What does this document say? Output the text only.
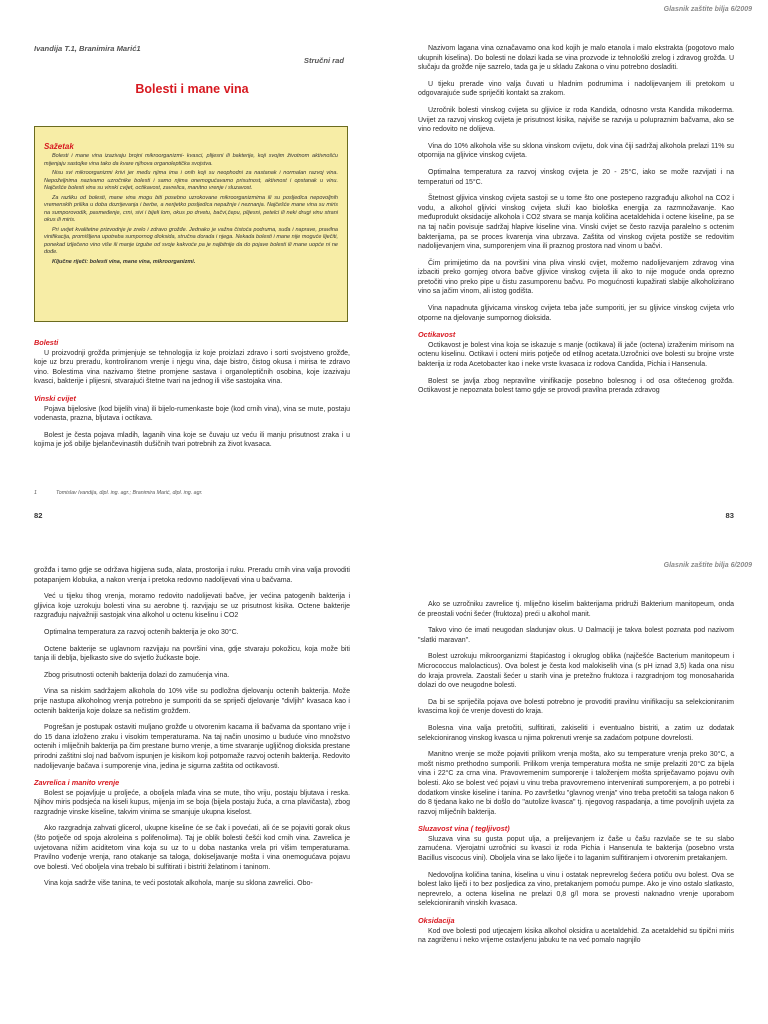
Ivandija T.1, Branimira Marić1
Stručni rad
Bolesti i mane vina
Sažetak

Bolesti i mane vina izazivaju brojni mikroorganizmi- kvasci, plijesni ili bakterije, koji svojim životnom aktivnošću mijenjaju sastojke vina tako da kvare njihova organoleptička svojstva.

Nisu svi mikroorganizmi krivi jer među njima ima i onih koji su neophodni za nastanak i normalan razvoj vina. Nepoželjnima nazivamo uzročnike bolesti i samo njima onemogućavamo prisutnost, aktivnost i opstanak u vinu. Najčešće bolesti vina su vinski cvijet, octikavost, zavrelica, manitno vrenje i sluzavost.

Za razliku od bolesti, mane vina mogu biti posebno uzrokovane mikroorganizmima ili su posljedica nepovoljnih vremenskih prilika u doba dozrijevanja i berbe, a nerijetko posljedica nepažnje i neznanja. Najčešće mane vina su miris na sumporovodik, pasmeđenje, crni, sivi i bijeli lom, okus po drvetu, bačvi,čepu, plijesni, petelci ili neki drugi vinu strani okus ili miris.

Pri uvijet kvalitetne prizvodnje je zrelo i zdravo grožđe. Jednako je važna čistoća podruma, suđa i naprave, pravilna vinifikacija, promišljena upotreba sumpornog dioksida, stručna dorada i njega. Nekada bolesti i mane nije moguće liječiti, ponekad izlječeno vino više ili manje izgube od svoje kakvoće pa je najbitnije da do pojave bolesti ili mane uopće ni ne dođe.

Ključne riječi: bolesti vina, mane vina, mikroorganizmi.

Bolesti

U proizvodnji grožđa primjenjuje se tehnologija iz koje proizlazi zdravo i sorti svojstveno grožđe, koje uz brzu preradu, kontroliranom vrenje i njegu vina, daje bistro, čistog okusa i mirisa te zdravo vino. Bolestima vina nazivamo štetne promjene sastava i organoleptičnih osobina, koje izazivaju kvasci, bakterije i plijesni, stvarajući štetne tvari na jednog ili više sastojaka vina.

Vinski cvijet

Pojava bijelosive (kod bijelih vina) ili bijelo-rumenkaste boje (kod crnih vina), vina se mute, postaju vodenasta, prazna, bljutava i octikava.

Bolest je česta pojava mladih, laganih vina koje se čuvaju uz veću ili manju prisutnost zraka i u kojima je još obilje bjelančevinastih dušičnih tvari potrebnih za život kvasaca.

1	Tomislav Ivandija, dipl. ing. agr.; Branimira Marić, dipl. ing. agr.
82
Glasnik zaštite bilja 6/2009

Nazivom lagana vina označavamo ona kod kojih je malo etanola i malo ekstrakta (pogotovo malo ukupnih kiselina). Do bolesti ne dolazi kada se vina prozvode iz tehnološki zrelog i zdravog grožđa. U slučaju da grožđe nije sazrelo, tada ga je u skladu Zakona o vinu potrebno dosladiti.

U tijeku prerade vino valja čuvati u hladnim podrumima i nadolijevanjem ili pretokom u odgovarajuće suđe spriječiti kontakt sa zrakom.

Uzročnik bolesti vinskog cvijeta su gljivice iz roda Kandida, odnosno vrsta Kandida mikoderma. Uvijet za razvoj vinskog cvijeta je prisutnost kisika, najviše se razvija u polupraznim bačvama, ako se vino redovito ne dolijeva.

Vina do 10% alkohola više su sklona vinskom cvijetu, dok vina čiji sadržaj alkohola prelazi 11% su otpornija na gljivice vinskog cvijeta.

Optimalna temperatura za razvoj vinskog cvijeta je 20 - 25°C, iako se može razvijati i na temperaturi od 15°C.

Štetnost gljivica vinskog cvijeta sastoji se u tome što one postepeno razgrađuju alkohol na CO2 i vodu, a alkohol gljivici vinskog cvijeta služi kao biološka energija za razmnožavanje. Kao međuprodukt oksidacije alkohola i CO2 stvara se manja količina acetaldehida i octene kiseline, pa se na taj način povisuje sadržaj hlapive kiseline vina. Vinski cvijet se često razvija paralelno s octenim bakterijama, pa se proces kvarenja vina ubrzava. Zaštita od vinskog cvijeta postiže se redovitim nadolijevanjem vina, sumporenjem vina ili praznog prostora nad vinom u bačvi.

Čim primijetimo da na površini vina pliva vinski cvijet, možemo nadolijevanjem zdravog vina izbaciti preko gornjeg otvora bačve gljivice vinskog cvijeta ili ako to nije moguće onda oprezno pretočiti vino preko pipe u čistu zasumporenu bačvu. Po mogućnosti kupažirati slabije alkoholizirano vino sa jačim vinom, ali istog godišta.

Vina napadnuta gljivicama vinskog cvijeta teba jače sumporiti, jer su gljivice vinskog cvijeta vrlo otporne na djelovanje sumpornog dioksida.

Octikavost

Octikavost je bolest vina koja se iskazuje s manje (octikava) ili jače (octena) izraženim mirisom na octenu kiselinu. Octikavi i octeni miris potječe od etilnog acetata.Uzročnici ove bolesti su brojne vrste bakterija iz roda Acetobacter kao i neke vrste kvasaca iz rodova Candida, Pichia i Hansenula.

Bolest se javlja zbog nepravilne vinifikacije posebno bolesnog i od osa oštećenog grožđa. Octikavost je nepoznata bolest tamo gdje se provodi pravilna prerada zdravog

83

grožđa i tamo gdje se održava higijena suđa, alata, prostorija i ruku. Preradu crnih vina valja provoditi potapanjem klobuka, a nakon vrenja i pretoka redovno nadolijevati vina u bačvama.

Već u tijeku tihog vrenja, moramo redovito nadolijevati bačve, jer većina patogenih bakterija i gljivica koje uzrokuju bolesti vina su aerobne tj. razvijaju se uz prisutnost kisika. Octene bakterije razgrađuju najvažniji sastojak vina alkohol u octenu kiselinu i CO2

Optimalna temperatura za razvoj octenih bakterija je oko 30°C.

Octene bakterije se uglavnom razvijaju na površini vina, gdje stvaraju pokožicu, koja može biti tanja ili deblja, bjelkasto sive do svjetlo žućkaste boje.

Zbog prisutnosti octenih bakterija dolazi do zamućenja vina.

Vina sa niskim sadržajem alkohola do 10% više su podložna djelovanju octenih bakterija. Može prije nastupa alkoholnog vrenja potrebno je sumporiti da se spriječi djelovanje "divljih" kvasaca kao i octenih bakterija koje dolaze sa nečistim grožđem.

Pogrešan je postupak ostaviti muljano grožđe u otvorenim kacama ili bačvama da spontano vrije i do 15 dana izloženo zraku i visokim temperaturama. Na taj način unosimo u buduće vino množstvo octenih i mliječnih bakterija pa čim prestane burno vrenje, a time stvaranje ugljičnog dioksida prestane prirodni zaštitni sloj nad bačvom ispunjen je kisikom koji potpomaže razvoj octenih bakterija. Redovito nadolijevanje bačava i sumporenje vina, jedina je sigurna zaštita od octikavosti.

Zavrelica i manito vrenje

Bolest se pojavljuje u proljeće, a oboljela mlađa vina se mute, tiho vriju, postaju bljutava i reska. Njihov miris podsjeća na kiseli kupus, mijenja im se boja (bijela postaju žuća, a crna plavičasta), zbog razgradnje vinske kiseline, takvim vinima se smanjuje ukupna kiselost.

Ako razgradnja zahvati glicerol, ukupne kiseline će se čak i povećati, ali će se pojaviti gorak okus (što potječe od spoja akroleina s polifenolima). Taj je oblik bolesti češći kod crnih vina. Zavrelica je uvjetovana nižim aciditetom vina koja su uz to u doba nastanka vrela pri višim temperaturama. Pravilno vođenje vrenja, rano otakanje sa taloga, dokiseljavanje mošta i vina onemogućava pojavu ove bolesti. Već oboljela vina trebalo bi sulfitirati i bistriti želatinom i taninom.

Vina koja sadrže više tanina, te veći postotak alkohola, manje su sklona zavrelici. Obo-

Glasnik zaštite bilja 6/2009

Ako se uzročniku zavrelice tj. mliječno kiselim bakterijama pridruži Bakterium manitopeum, onda će preostali voćni šećer (fruktoza) preći u alkohol manit.

Takvo vino će imati neugodan sladunjav okus. U Dalmaciji je takva bolest poznata pod nazivom "slatki maravan".

Bolest uzrokuju mikroorganizmi štapićastog i okruglog oblika (najčešće Bacterium manitopeum i Micrococcus malolacticus). Ova bolest je česta kod malokiselih vina (s pH iznad 3,5) kada ona nisu do kraja provrela. Zaostali šećer u starih vina je pretežno fruktoza i razgradnjom tog monosaharida dolazi do ove neugodne bolesti.

Da bi se spriječila pojava ove bolesti potrebno je provoditi pravilnu vinifikaciju sa selekcioniranim kvascima koji će vrenje dovesti do kraja.

Bolesna vina valja pretočiti, sulfitirati, zakiseliti i eventualno bistriti, a zatim uz dodatak selekcioniranog vinskog kvasca u njima pokrenuti vrenje sa zadaćom potpune dovrelosti.

Manitno vrenje se može pojaviti prilikom vrenja mošta, ako su temperature vrenja preko 30°C, a mošt nismo prethodno sumporili. Prilikom vrenja temperatura mošta ne smije prelaziti 20°C za bijela vina i 22°C za crna vina. Pravovremenim sumporenje i taloženjem mošta spriječavamo pojavu ovih bolesti. Ako se bolest već pojavi u vinu treba pravovremeno intervenirati sumporenjem, a po potrebi i dodatkom vinske kiseline i tanina. Po završetku "glavnog vrenja" vino treba pretočiti sa taloga nakon 6 do 8 tjedana kako ne bi došlo do "autolize kvasca" tj. njegovog raspadanja, a time povoljnih uvjeta za razvoj mliječnih bakterija.

Sluzavost vina ( tegljivost)

Sluzava vina su gusta poput ulja, a prelijevanjem iz čaše u čašu razvlače se te su slabo zamućena. Vjerojatni uzročnici su kvasci iz roda Pichia i Hansenula te bakterija (posebno vrsta Bacillus viscocus vini). Oboljela vina se lako liječe i to laganim sulfitiranjem i otvorenim pretakanjem.

Nedovoljna količina tanina, kiselina u vinu i ostatak neprevrelog šećera potiču ovu bolest. Ova se bolest lako liječi i to bez posljedica za vino, pretakanjem pomoću pumpe. Ako je vino ostalo slatkasto, neprevrelo, a octena kiselina ne prelazi 0,8 g/l mora se provesti naknadno vrenje uporabom selekcioniranih vinskih kvasaca.

Oksidacija

Kod ove bolesti pod utjecajem kisika alkohol oksidira u acetaldehid. Za acetaldehid su tipični miris na zagriženu i neko vrijeme ostavljenu jabuku te na već pomalo nagnjilo
